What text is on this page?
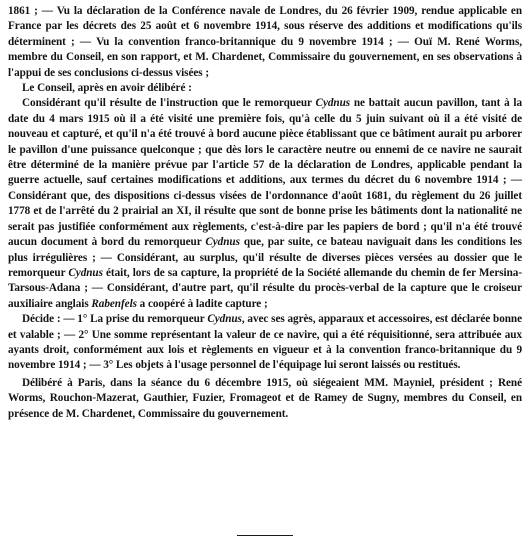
1861 ; — Vu la déclaration de la Conférence navale de Londres, du 26 février 1909, rendue applicable en France par les décrets des 25 août et 6 novembre 1914, sous réserve des additions et modifications qu'ils déterminent ; — Vu la convention franco-britannique du 9 novembre 1914 ; — Ouï M. René Worms, membre du Conseil, en son rapport, et M. Chardenet, Commissaire du gouvernement, en ses observations à l'appui de ses conclusions ci-dessus visées ;

Le Conseil, après en avoir délibéré :

Considérant qu'il résulte de l'instruction que le remorqueur Cydnus ne battait aucun pavillon, tant à la date du 4 mars 1915 où il a été visité une première fois, qu'à celle du 5 juin suivant où il a été visité de nouveau et capturé, et qu'il n'a été trouvé à bord aucune pièce établissant que ce bâtiment aurait pu arborer le pavillon d'une puissance quelconque ; que dès lors le caractère neutre ou ennemi de ce navire ne saurait être déterminé de la manière prévue par l'article 57 de la déclaration de Londres, applicable pendant la guerre actuelle, sauf certaines modifications et additions, aux termes du décret du 6 novembre 1914 ; — Considérant que, des dispositions ci-dessus visées de l'ordonnance d'août 1681, du règlement du 26 juillet 1778 et de l'arrêté du 2 prairial an XI, il résulte que sont de bonne prise les bâtiments dont la nationalité ne serait pas justifiée conformément aux règlements, c'est-à-dire par les papiers de bord ; qu'il n'a été trouvé aucun document à bord du remorqueur Cydnus que, par suite, ce bateau naviguait dans les conditions les plus irrégulières ; — Considérant, au surplus, qu'il résulte de diverses pièces versées au dossier que le remorqueur Cydnus était, lors de sa capture, la propriété de la Société allemande du chemin de fer Mersina-Tarsous-Adana ; — Considérant, d'autre part, qu'il résulte du procès-verbal de la capture que le croiseur auxiliaire anglais Rabenfels a coopéré à ladite capture ;

Décide : — 1° La prise du remorqueur Cydnus, avec ses agrès, apparaux et accessoires, est déclarée bonne et valable ; — 2° Une somme représentant la valeur de ce navire, qui a été réquisitionné, sera attribuée aux ayants droit, conformément aux lois et règlements en vigueur et à la convention franco-britannique du 9 novembre 1914 ; — 3° Les objets à l'usage personnel de l'équipage lui seront laissés ou restitués.

Délibéré à Paris, dans la séance du 6 décembre 1915, où siégeaient MM. Mayniel, président ; René Worms, Rouchon-Mazerat, Gauthier, Fuzier, Fromageot et de Ramey de Sugny, membres du Conseil, en présence de M. Chardenet, Commissaire du gouvernement.
